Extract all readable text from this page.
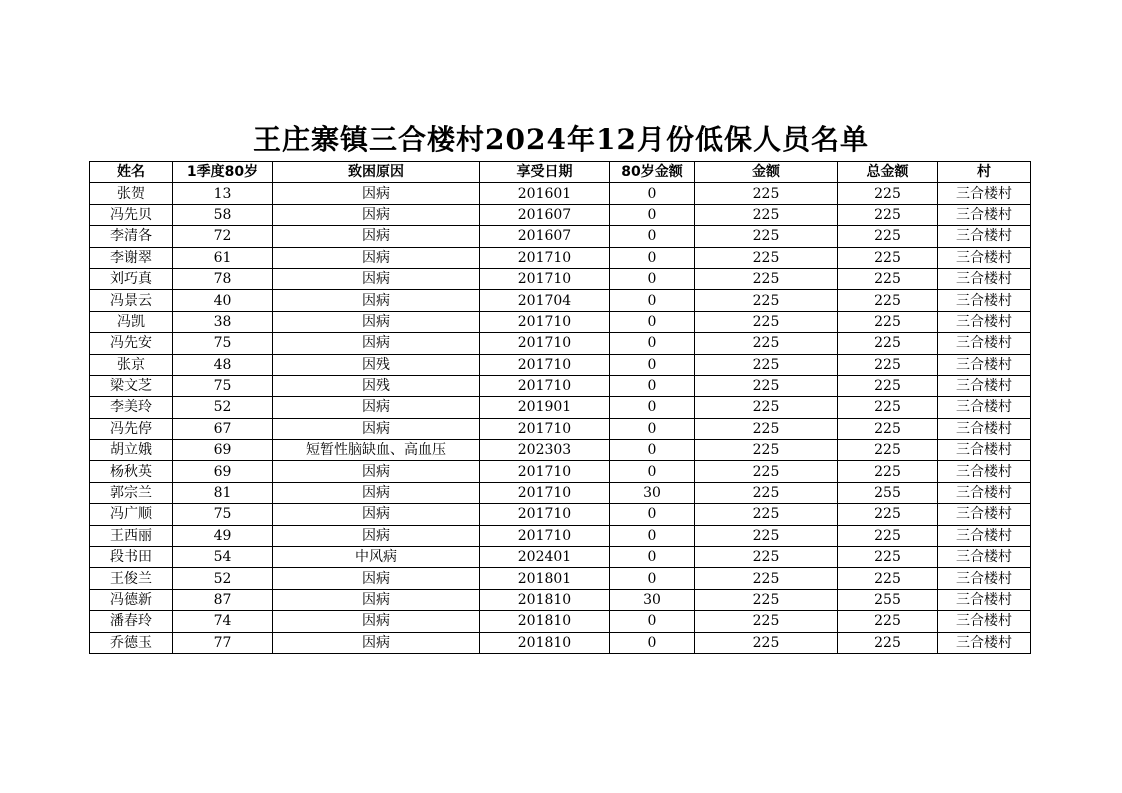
王庄寨镇三合楼村2024年12月份低保人员名单
姓名	1季度80岁	致困原因	享受日期	80岁金额	金额	总金额	村
张贺	13	因病	201601	0	225	225	三合楼村
冯先贝	58	因病	201607	0	225	225	三合楼村
李清各	72	因病	201607	0	225	225	三合楼村
李谢翠	61	因病	201710	0	225	225	三合楼村
刘巧真	78	因病	201710	0	225	225	三合楼村
冯景云	40	因病	201704	0	225	225	三合楼村
冯凯	38	因病	201710	0	225	225	三合楼村
冯先安	75	因病	201710	0	225	225	三合楼村
张京	48	因残	201710	0	225	225	三合楼村
梁文芝	75	因残	201710	0	225	225	三合楼村
李美玲	52	因病	201901	0	225	225	三合楼村
冯先停	67	因病	201710	0	225	225	三合楼村
胡立娥	69	短暂性脑缺血、高血压	202303	0	225	225	三合楼村
杨秋英	69	因病	201710	0	225	225	三合楼村
郭宗兰	81	因病	201710	30	225	255	三合楼村
冯广顺	75	因病	201710	0	225	225	三合楼村
王西丽	49	因病	201710	0	225	225	三合楼村
段书田	54	中风病	202401	0	225	225	三合楼村
王俊兰	52	因病	201801	0	225	225	三合楼村
冯德新	87	因病	201810	30	225	255	三合楼村
潘春玲	74	因病	201810	0	225	225	三合楼村
乔德玉	77	因病	201810	0	225	225	三合楼村
